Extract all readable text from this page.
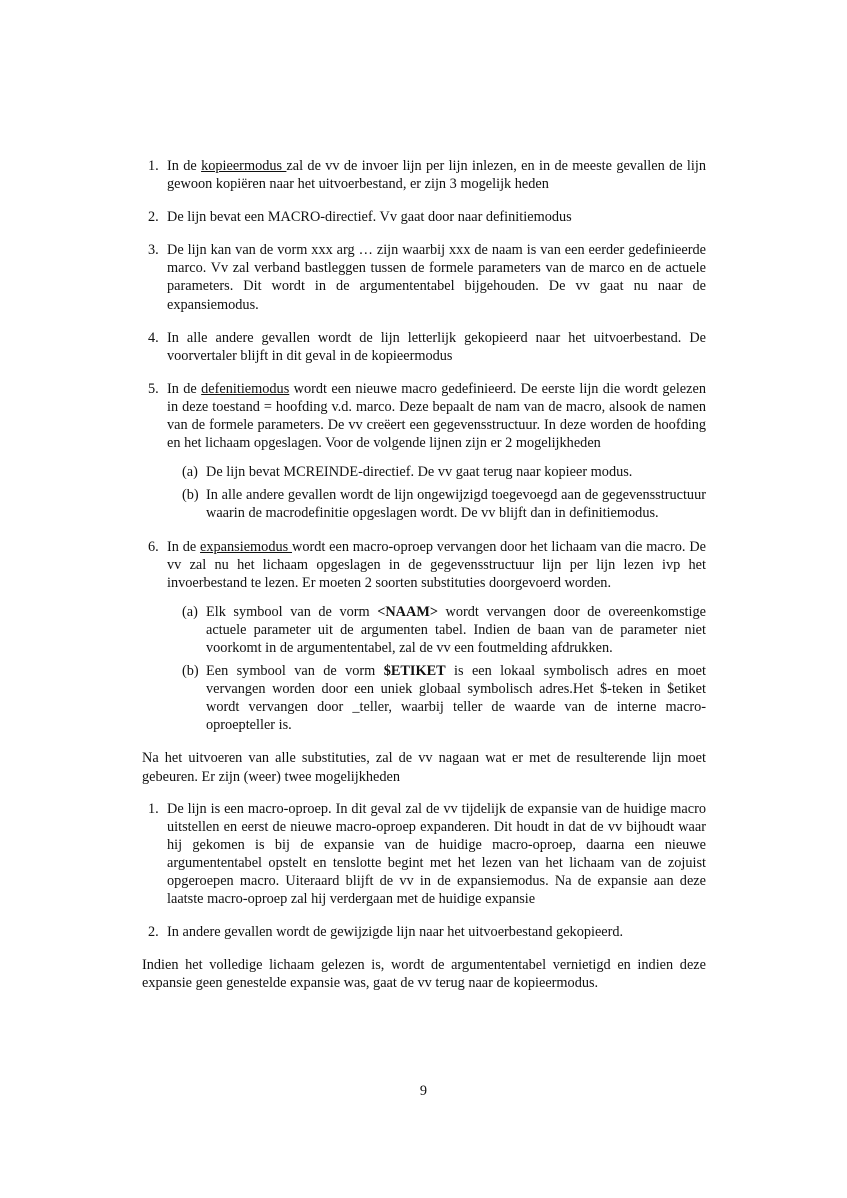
1. In de kopieermodus zal de vv de invoer lijn per lijn inlezen, en in de meeste gevallen de lijn gewoon kopiëren naar het uitvoerbestand, er zijn 3 mogelijk heden
2. De lijn bevat een MACRO-directief. Vv gaat door naar definitiemodus
3. De lijn kan van de vorm xxx arg … zijn waarbij xxx de naam is van een eerder gedefinieerde marco. Vv zal verband bastleggen tussen de formele parameters van de marco en de actuele parameters. Dit wordt in de argumententabel bijgehouden. De vv gaat nu naar de expansiemodus.
4. In alle andere gevallen wordt de lijn letterlijk gekopieerd naar het uitvoerbestand. De voorvertaler blijft in dit geval in de kopieermodus
5. In de defenitiemodus wordt een nieuwe macro gedefinieerd. De eerste lijn die wordt gelezen in deze toestand = hoofding v.d. marco. Deze bepaalt de nam van de macro, alsook de namen van de formele parameters. De vv creëert een gegevensstructuur. In deze worden de hoofding en het lichaam opgeslagen. Voor de volgende lijnen zijn er 2 mogelijkheden
(a) De lijn bevat MCREINDE-directief. De vv gaat terug naar kopieer modus.
(b) In alle andere gevallen wordt de lijn ongewijzigd toegevoegd aan de gegevensstructuur waarin de macrodefinitie opgeslagen wordt. De vv blijft dan in definitiemodus.
6. In de expansiemodus wordt een macro-oproep vervangen door het lichaam van die macro. De vv zal nu het lichaam opgeslagen in de gegevensstructuur lijn per lijn lezen ivp het invoerbestand te lezen. Er moeten 2 soorten substituties doorgevoerd worden.
(a) Elk symbool van de vorm <NAAM> wordt vervangen door de overeenkomstige actuele parameter uit de argumenten tabel. Indien de baan van de parameter niet voorkomt in de argumententabel, zal de vv een foutmelding afdrukken.
(b) Een symbool van de vorm $ETIKET is een lokaal symbolisch adres en moet vervangen worden door een uniek globaal symbolisch adres.Het $-teken in $etiket wordt vervangen door _teller, waarbij teller de waarde van de interne macro-oproepteller is.

Na het uitvoeren van alle substituties, zal de vv nagaan wat er met de resulterende lijn moet gebeuren. Er zijn (weer) twee mogelijkheden

1. De lijn is een macro-oproep. In dit geval zal de vv tijdelijk de expansie van de huidige macro uitstellen en eerst de nieuwe macro-oproep expanderen. Dit houdt in dat de vv bijhoudt waar hij gekomen is bij de expansie van de huidige macro-oproep, daarna een nieuwe argumententabel opstelt en tenslotte begint met het lezen van het lichaam van de zojuist opgeroepen macro. Uiteraard blijft de vv in de expansiemodus. Na de expansie aan deze laatste macro-oproep zal hij verdergaan met de huidige expansie
2. In andere gevallen wordt de gewijzigde lijn naar het uitvoerbestand gekopieerd.

Indien het volledige lichaam gelezen is, wordt de argumententabel vernietigd en indien deze expansie geen genestelde expansie was, gaat de vv terug naar de kopieermodus.

9
